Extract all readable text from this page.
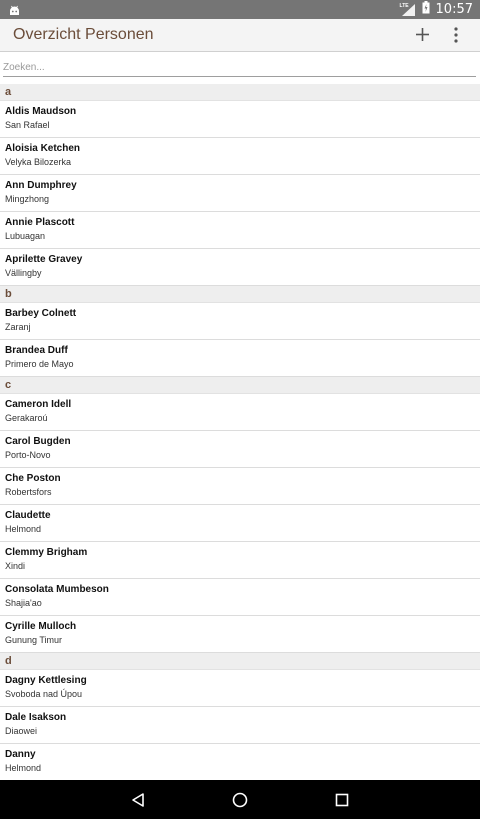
LTE 10:57
Overzicht Personen
Zoeken...
a
Aldis Maudson
San Rafael
Aloisia Ketchen
Velyka Bilozerka
Ann Dumphrey
Mingzhong
Annie Plascott
Lubuagan
Aprilette Gravey
Vällingby
b
Barbey Colnett
Zaranj
Brandea Duff
Primero de Mayo
c
Cameron Idell
Gerakaroú
Carol Bugden
Porto-Novo
Che Poston
Robertsfors
Claudette
Helmond
Clemmy Brigham
Xindi
Consolata Mumbeson
Shajia'ao
Cyrille Mulloch
Gunung Timur
d
Dagny Kettlesing
Svoboda nad Úpou
Dale Isakson
Diaowei
Danny
Helmond
